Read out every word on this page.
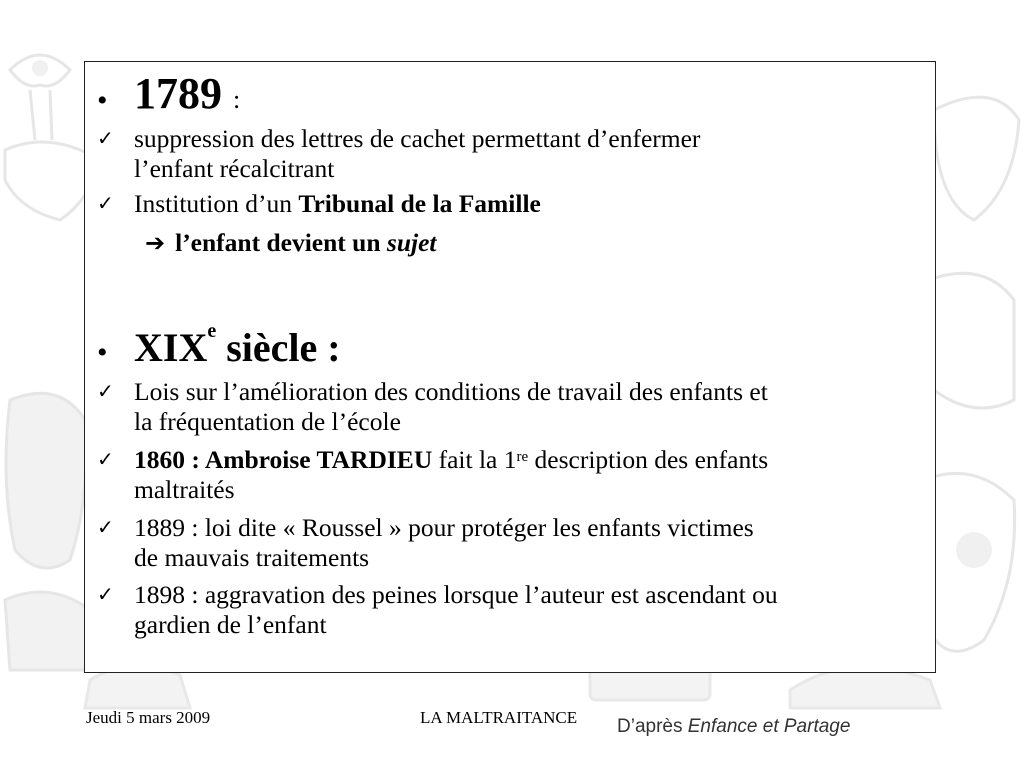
• 1789 :
✓ suppression des lettres de cachet permettant d’enfermer
l’enfant récalcitrant
✓ Institution d’un Tribunal de la Famille
➔ l’enfant devient un sujet
• XIXe siècle :
✓ Lois sur l’amélioration des conditions de travail des enfants et
la fréquentation de l’école
✓ 1860 : Ambroise TARDIEU fait la 1re description des enfants
maltraités
✓ 1889 : loi dite « Roussel » pour protéger les enfants victimes
de mauvais traitements
✓ 1898 : aggravation des peines lorsque l’auteur est ascendant ou
gardien de l’enfant
Jeudi 5 mars 2009	LA MALTRAITANCE D’après Enfance et Partage
